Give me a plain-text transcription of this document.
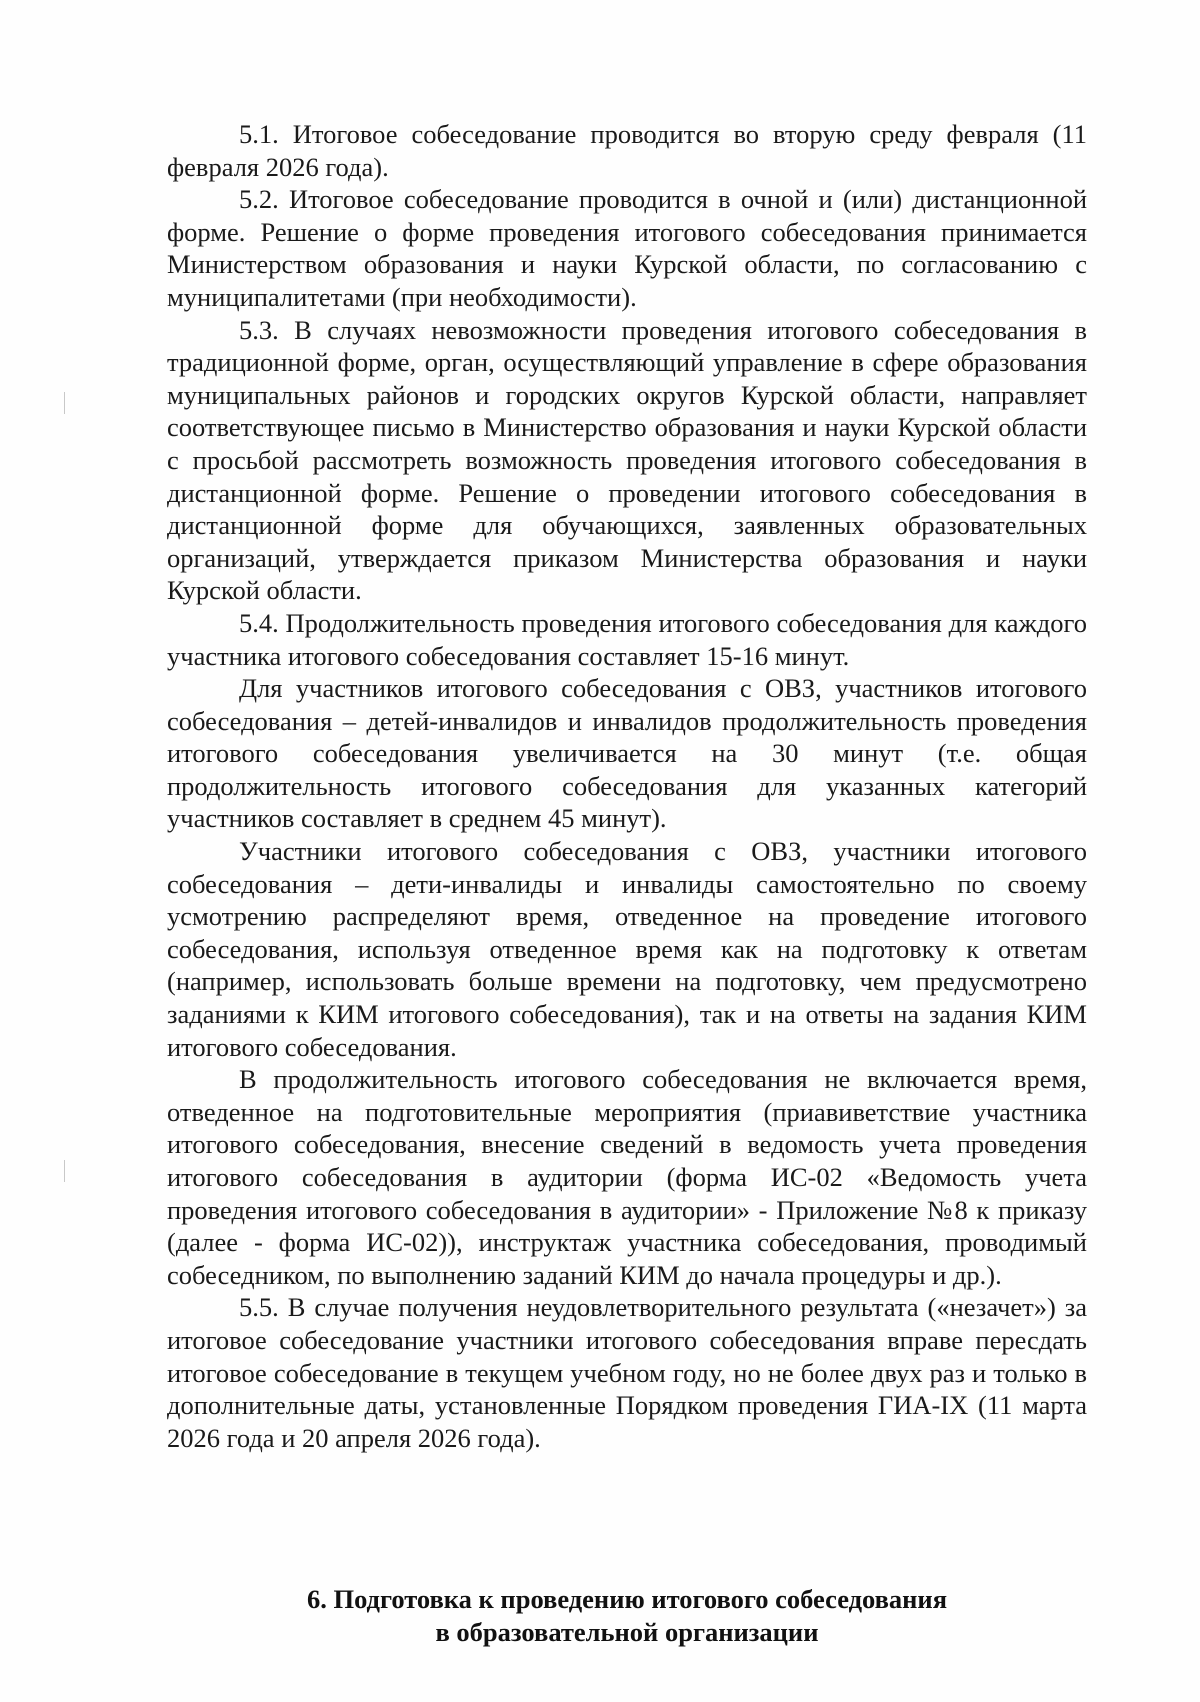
5.1. Итоговое собеседование проводится во вторую среду февраля (11 февраля 2026 года).

5.2. Итоговое собеседование проводится в очной и (или) дистанционной форме. Решение о форме проведения итогового собеседования принимается Министерством образования и науки Курской области, по согласованию с муниципалитетами (при необходимости).

5.3. В случаях невозможности проведения итогового собеседования в традиционной форме, орган, осуществляющий управление в сфере образования муниципальных районов и городских округов Курской области, направляет соответствующее письмо в Министерство образования и науки Курской области с просьбой рассмотреть возможность проведения итогового собеседования в дистанционной форме. Решение о проведении итогового собеседования в дистанционной форме для обучающихся, заявленных образовательных организаций, утверждается приказом Министерства образования и науки Курской области.

5.4. Продолжительность проведения итогового собеседования для каждого участника итогового собеседования составляет 15-16 минут.

Для участников итогового собеседования с ОВЗ, участников итогового собеседования – детей-инвалидов и инвалидов продолжительность проведения итогового собеседования увеличивается на 30 минут (т.е. общая продолжительность итогового собеседования для указанных категорий участников составляет в среднем 45 минут).

Участники итогового собеседования с ОВЗ, участники итогового собеседования – дети-инвалиды и инвалиды самостоятельно по своему усмотрению распределяют время, отведенное на проведение итогового собеседования, используя отведенное время как на подготовку к ответам (например, использовать больше времени на подготовку, чем предусмотрено заданиями к КИМ итогового собеседования), так и на ответы на задания КИМ итогового собеседования.

В продолжительность итогового собеседования не включается время, отведенное на подготовительные мероприятия (приавиветствие участника итогового собеседования, внесение сведений в ведомость учета проведения итогового собеседования в аудитории (форма ИС-02 «Ведомость учета проведения итогового собеседования в аудитории» - Приложение №8 к приказу (далее - форма ИС-02)), инструктаж участника собеседования, проводимый собеседником, по выполнению заданий КИМ до начала процедуры и др.).

5.5. В случае получения неудовлетворительного результата («незачет») за итоговое собеседование участники итогового собеседования вправе пересдать итоговое собеседование в текущем учебном году, но не более двух раз и только в дополнительные даты, установленные Порядком проведения ГИА-IX (11 марта 2026 года и 20 апреля 2026 года).

6. Подготовка к проведению итогового собеседования
в образовательной организации
